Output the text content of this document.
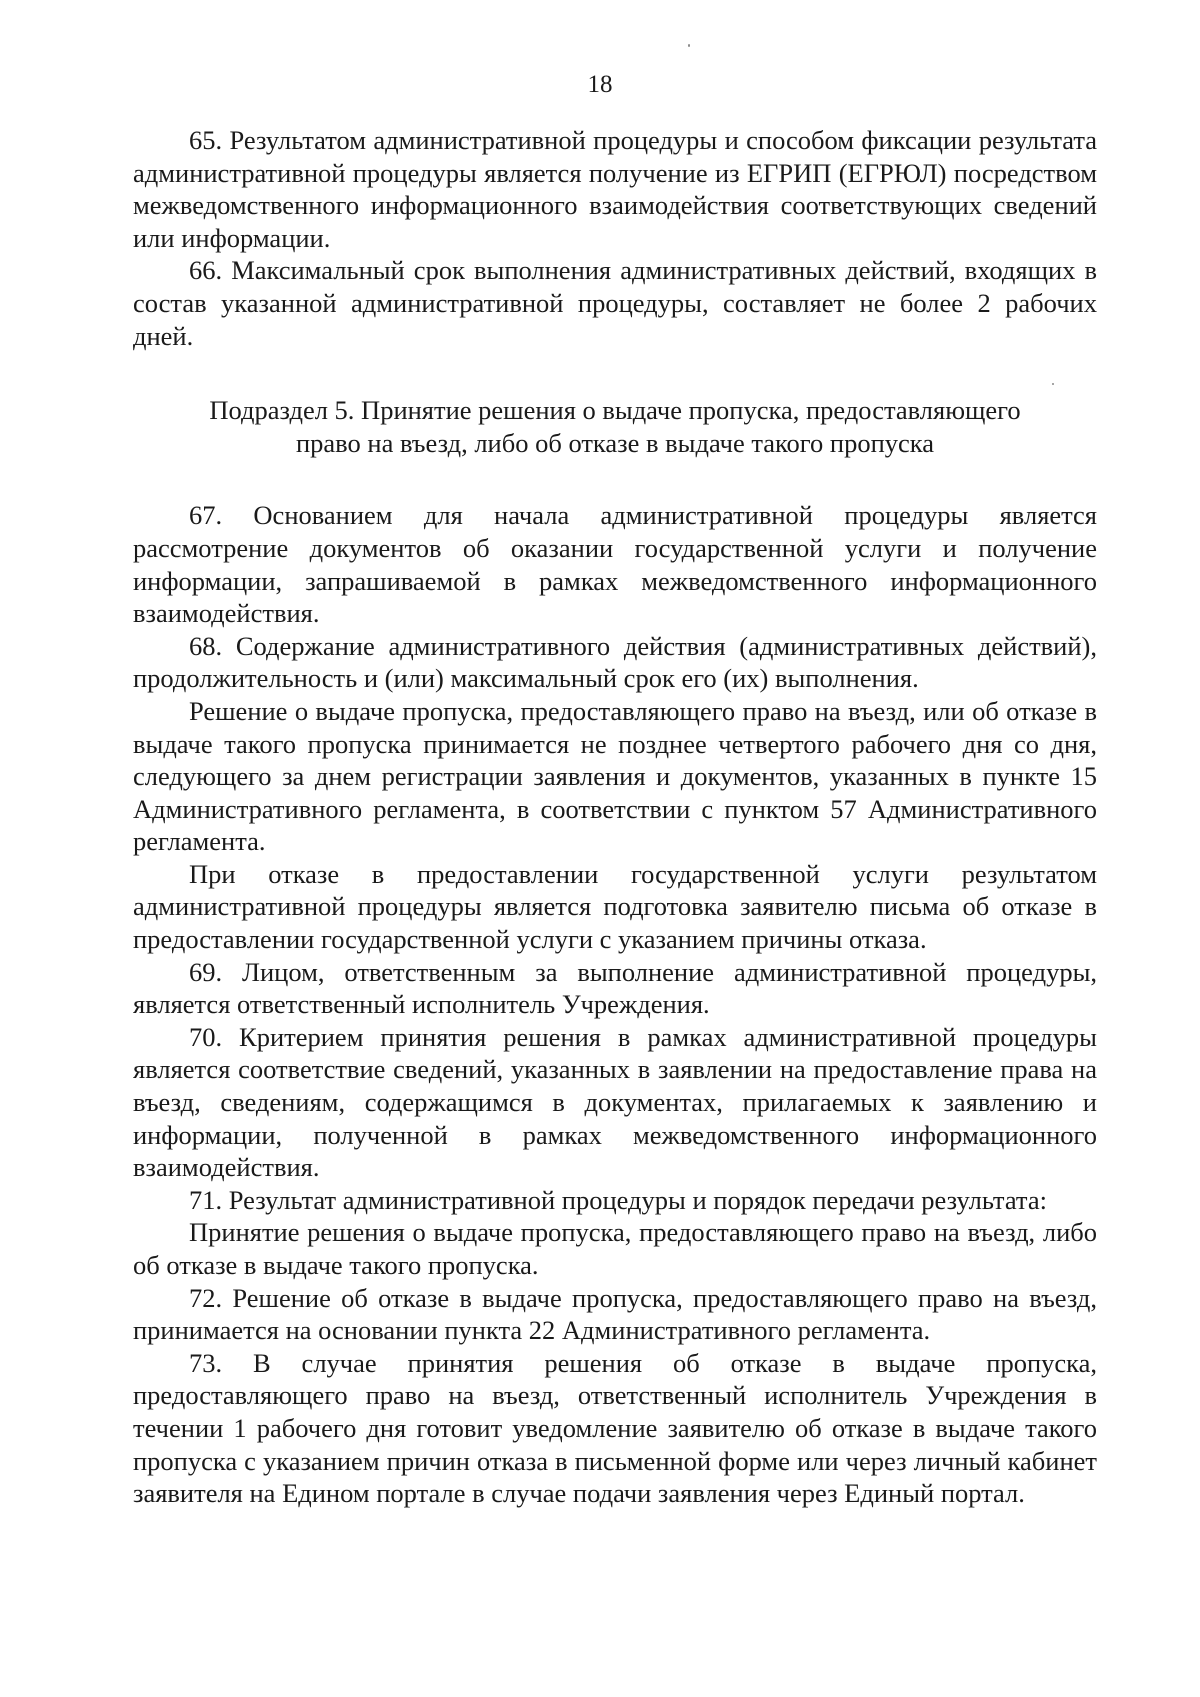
18

65. Результатом административной процедуры и способом фиксации результата административной процедуры является получение из ЕГРИП (ЕГРЮЛ) посредством межведомственного информационного взаимодействия соответствующих сведений или информации.

66. Максимальный срок выполнения административных действий, входящих в состав указанной административной процедуры, составляет не более 2 рабочих дней.

Подраздел 5. Принятие решения о выдаче пропуска, предоставляющего
право на въезд, либо об отказе в выдаче такого пропуска

67. Основанием для начала административной процедуры является рассмотрение документов об оказании государственной услуги и получение информации, запрашиваемой в рамках межведомственного информационного взаимодействия.

68. Содержание административного действия (административных действий), продолжительность и (или) максимальный срок его (их) выполнения.

Решение о выдаче пропуска, предоставляющего право на въезд, или об отказе в выдаче такого пропуска принимается не позднее четвертого рабочего дня со дня, следующего за днем регистрации заявления и документов, указанных в пункте 15 Административного регламента, в соответствии с пунктом 57 Административного регламента.

При отказе в предоставлении государственной услуги результатом административной процедуры является подготовка заявителю письма об отказе в предоставлении государственной услуги с указанием причины отказа.

69. Лицом, ответственным за выполнение административной процедуры, является ответственный исполнитель Учреждения.

70. Критерием принятия решения в рамках административной процедуры является соответствие сведений, указанных в заявлении на предоставление права на въезд, сведениям, содержащимся в документах, прилагаемых к заявлению и информации, полученной в рамках межведомственного информационного взаимодействия.

71. Результат административной процедуры и порядок передачи результата:

Принятие решения о выдаче пропуска, предоставляющего право на въезд, либо об отказе в выдаче такого пропуска.

72. Решение об отказе в выдаче пропуска, предоставляющего право на въезд, принимается на основании пункта 22 Административного регламента.

73. В случае принятия решения об отказе в выдаче пропуска, предоставляющего право на въезд, ответственный исполнитель Учреждения в течении 1 рабочего дня готовит уведомление заявителю об отказе в выдаче такого пропуска с указанием причин отказа в письменной форме или через личный кабинет заявителя на Едином портале в случае подачи заявления через Единый портал.
